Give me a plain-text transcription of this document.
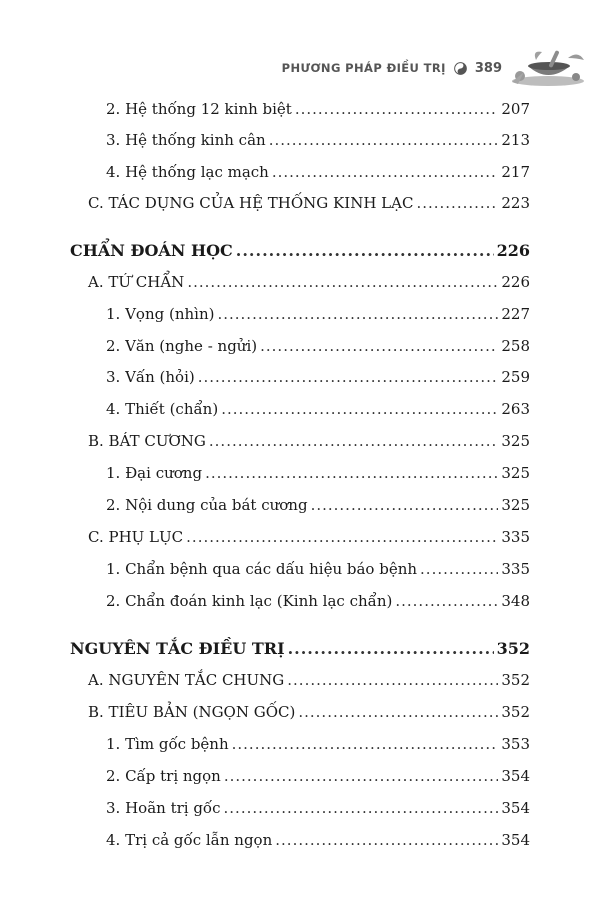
PHƯƠNG PHÁP ĐIỀU TRỊ 389
2. Hệ thống 12 kinh biệt .....	207
3. Hệ thống kinh cân .....	213
4. Hệ thống lạc mạch .....	217
C. TÁC DỤNG CỦA HỆ THỐNG KINH LẠC .....	223
CHẨN ĐOÁN HỌC .....	226
A. TỨ CHẨN .....	226
1. Vọng (nhìn) .....	227
2. Văn (nghe - ngửi) .....	258
3. Vấn (hỏi) .....	259
4. Thiết (chẩn) .....	263
B. BÁT CƯƠNG .....	325
1. Đại cương .....	325
2. Nội dung của bát cương .....	325
C. PHỤ LỤC .....	335
1. Chẩn bệnh qua các dấu hiệu báo bệnh .....	335
2. Chẩn đoán kinh lạc (Kinh lạc chẩn) .....	348
NGUYÊN TẮC ĐIỀU TRỊ .....	352
A. NGUYÊN TẮC CHUNG .....	352
B. TIÊU BẢN (NGỌN GỐC) .....	352
1. Tìm gốc bệnh .....	353
2. Cấp trị ngọn .....	354
3. Hoãn trị gốc .....	354
4. Trị cả gốc lẫn ngọn .....	354
